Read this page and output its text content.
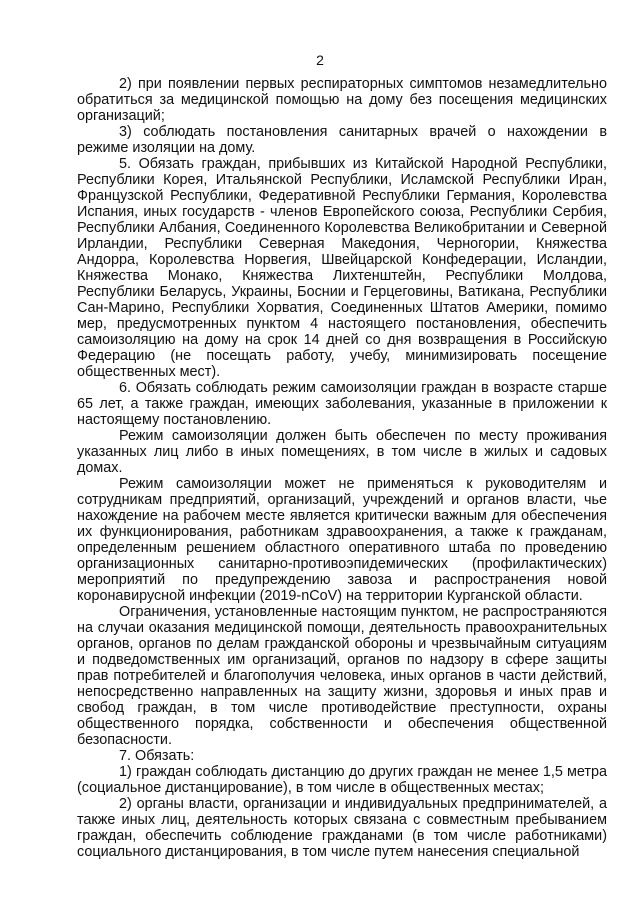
2

2) при появлении первых респираторных симптомов незамедлительно обратиться за медицинской помощью на дому без посещения медицинских организаций;

3) соблюдать постановления санитарных врачей о нахождении в режиме изоляции на дому.

5. Обязать граждан, прибывших из Китайской Народной Республики, Республики Корея, Итальянской Республики, Исламской Республики Иран, Французской Республики, Федеративной Республики Германия, Королевства Испания, иных государств - членов Европейского союза, Республики Сербия, Республики Албания, Соединенного Королевства Великобритании и Северной Ирландии, Республики Северная Македония, Черногории, Княжества Андорра, Королевства Норвегия, Швейцарской Конфедерации, Исландии, Княжества Монако, Княжества Лихтенштейн, Республики Молдова, Республики Беларусь, Украины, Боснии и Герцеговины, Ватикана, Республики Сан-Марино, Республики Хорватия, Соединенных Штатов Америки, помимо мер, предусмотренных пунктом 4 настоящего постановления, обеспечить самоизоляцию на дому на срок 14 дней со дня возвращения в Российскую Федерацию (не посещать работу, учебу, минимизировать посещение общественных мест).

6. Обязать соблюдать режим самоизоляции граждан в возрасте старше 65 лет, а также граждан, имеющих заболевания, указанные в приложении к настоящему постановлению.

Режим самоизоляции должен быть обеспечен по месту проживания указанных лиц либо в иных помещениях, в том числе в жилых и садовых домах.

Режим самоизоляции может не применяться к руководителям и сотрудникам предприятий, организаций, учреждений и органов власти, чье нахождение на рабочем месте является критически важным для обеспечения их функционирования, работникам здравоохранения, а также к гражданам, определенным решением областного оперативного штаба по проведению организационных санитарно-противоэпидемических (профилактических) мероприятий по предупреждению завоза и распространения новой коронавирусной инфекции (2019-nCoV) на территории Курганской области.

Ограничения, установленные настоящим пунктом, не распространяются на случаи оказания медицинской помощи, деятельность правоохранительных органов, органов по делам гражданской обороны и чрезвычайным ситуациям и подведомственных им организаций, органов по надзору в сфере защиты прав потребителей и благополучия человека, иных органов в части действий, непосредственно направленных на защиту жизни, здоровья и иных прав и свобод граждан, в том числе противодействие преступности, охраны общественного порядка, собственности и обеспечения общественной безопасности.

7. Обязать:

1) граждан соблюдать дистанцию до других граждан не менее 1,5 метра (социальное дистанцирование), в том числе в общественных местах;

2) органы власти, организации и индивидуальных предпринимателей, а также иных лиц, деятельность которых связана с совместным пребыванием граждан, обеспечить соблюдение гражданами (в том числе работниками) социального дистанцирования, в том числе путем нанесения специальной
